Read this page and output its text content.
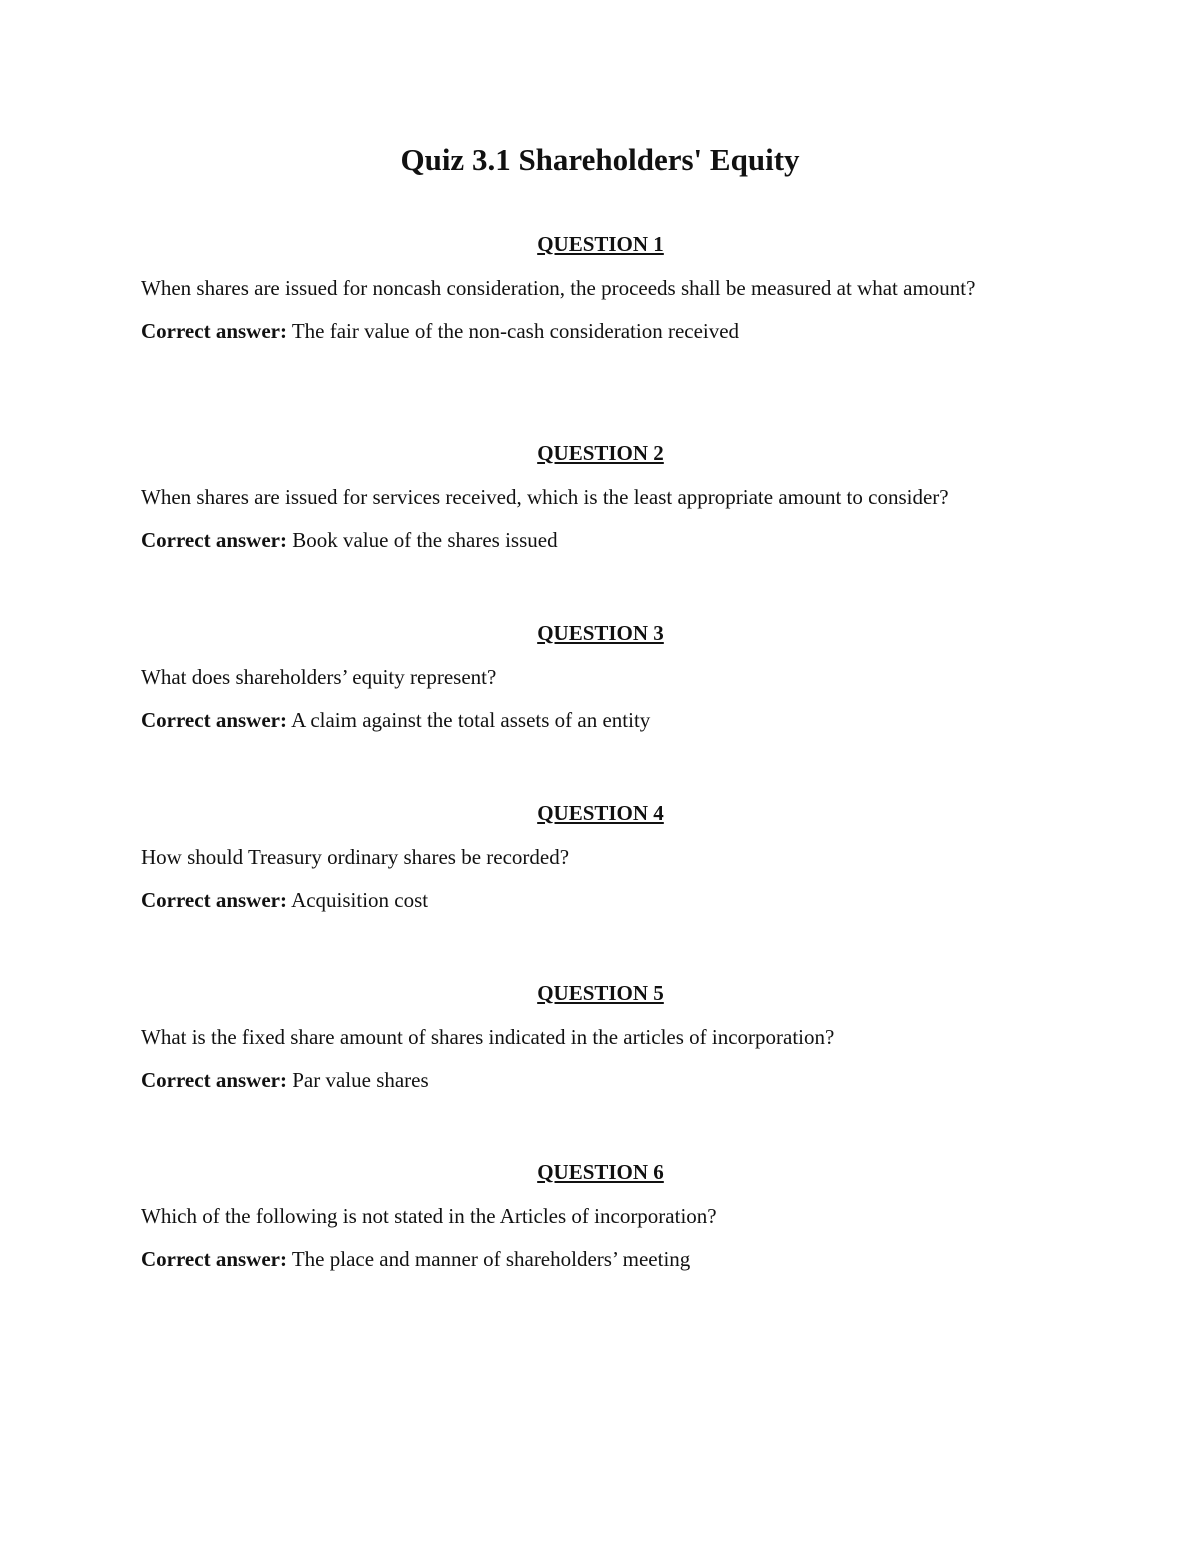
Quiz 3.1 Shareholders' Equity
QUESTION 1
When shares are issued for noncash consideration, the proceeds shall be measured at what amount?
Correct answer: The fair value of the non-cash consideration received
QUESTION 2
When shares are issued for services received, which is the least appropriate amount to consider?
Correct answer: Book value of the shares issued
QUESTION 3
What does shareholders’ equity represent?
Correct answer: A claim against the total assets of an entity
QUESTION 4
How should Treasury ordinary shares be recorded?
Correct answer: Acquisition cost
QUESTION 5
What is the fixed share amount of shares indicated in the articles of incorporation?
Correct answer: Par value shares
QUESTION 6
Which of the following is not stated in the Articles of incorporation?
Correct answer: The place and manner of shareholders’ meeting
